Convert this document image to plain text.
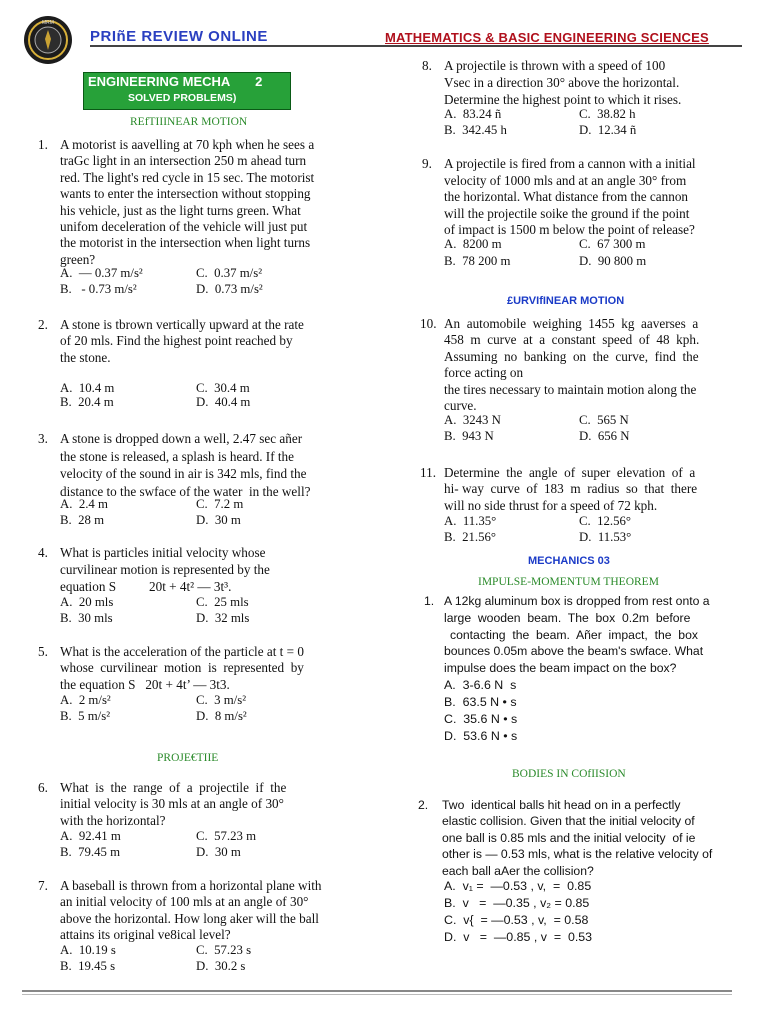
MRM
PRIñE REVIEW ONLINE	MATHEMATICS & BASIC ENGINEERING SCIENCES
ENGINEERING MECHA       2
SOLVED PROBLEMS)
REfTIIINEAR MOTION
PROJE€TIIE
£URVIfINEAR MOTION
MECHANICS 03
IMPULSE-MOMENTUM THEOREM
BODIES IN COfIISION
1. A motorist is aavelling at 70 kph when he sees a
traGc light in an intersection 250 m ahead turn
red. The light's red cycle in 15 sec. The motorist
wants to enter the intersection without stopping
his vehicle, just as the light turns green. What
unifom deceleration of the vehicle will just put
the motorist in the intersection when light turns
green?
A.  — 0.37 m/s²	C.  0.37 m/s²
B.   - 0.73 m/s²	D.  0.73 m/s²
2. A stone is tbrown vertically upward at the rate
of 20 mls. Find the highest point reached by
the stone.
A.  10.4 m	C.  30.4 m
B.  20.4 m	D.  40.4 m
3. A stone is dropped down a well, 2.47 sec añer
the stone is released, a splash is heard. If the
velocity of the sound in air is 342 mls, find the
distance to the swface of the water  in the well?
A.  2.4 m	C.  7.2 m
B.  28 m	D.  30 m
4. What is particles initial velocity whose
curvilinear motion is represented by the
equation S          20t + 4t² — 3t³.
A.  20 mls	C.  25 mls
B.  30 mls	D.  32 mls
5. What is the acceleration of the particle at t = 0
whose  curvilinear  motion  is  represented  by
the equation S   20t + 4t’ — 3t3.
A.  2 m/s²	C.  3 m/s²
B.  5 m/s²	D.  8 m/s²
6. What  is  the  range  of  a  projectile  if  the
initial velocity is 30 mls at an angle of 30°
with the horizontal?
A.  92.41 m	C.  57.23 m
B.  79.45 m	D.  30 m
7. A baseball is thrown from a horizontal plane with
an initial velocity of 100 mls at an angle of 30°
above the horizontal. How long aker will the ball
attains its original ve8ical level?
A.  10.19 s	C.  57.23 s
B.  19.45 s	D.  30.2 s
8. A projectile is thrown with a speed of 100
Vsec in a direction 30° above the horizontal.
Determine the highest point to which it rises.
A.  83.24 ñ	C.  38.82 h
B.  342.45 h	D.  12.34 ñ
9. A projectile is fired from a cannon with a initial
velocity of 1000 mls and at an angle 30° from
the horizontal. What distance from the cannon
will the projectile soike the ground if the point
of impact is 1500 m below the point of release?
A.  8200 m	C.  67 300 m
B.  78 200 m	D.  90 800 m
10. An  automobile  weighing  1455  kg  aaverses  a
458  m  curve  at  a  constant  speed  of  48  kph.
Assuming  no  banking  on  the  curve,  find  the
force acting on
the tires necessary to maintain motion along the
curve.
A.  3243 N	C.  565 N
B.  943 N	D.  656 N
11. Determine  the  angle  of  super  elevation  of  a
hi- way  curve  of  183  m  radius  so  that  there
will no side thrust for a speed of 72 kph.
A.  11.35°	C.  12.56°
B.  21.56°	D.  11.53°
1. A 12kg aluminum box is dropped from rest onto a
large  wooden  beam.  The  box  0.2m  before
contacting  the  beam.  Añer  impact,  the  box
bounces 0.05m above the beam's swface. What
impulse does the beam impact on the box?
A.  3-6.6 N  s
B.  63.5 N • s
C.  35.6 N • s
D.  53.6 N • s
2. Two  identical balls hit head on in a perfectly
elastic collision. Given that the initial velocity of
one ball is 0.85 mls and the initial velocity  of ie
other is — 0.53 mls, what is the relative velocity of
each ball aAer the collision?
A.  v₁ =  —0.53 , v,  =  0.85
B.  v   =  —0.35 , v₂ = 0.85
C.  v{  = —0.53 , v,  = 0.58
D.  v   =  —0.85 , v  =  0.53
